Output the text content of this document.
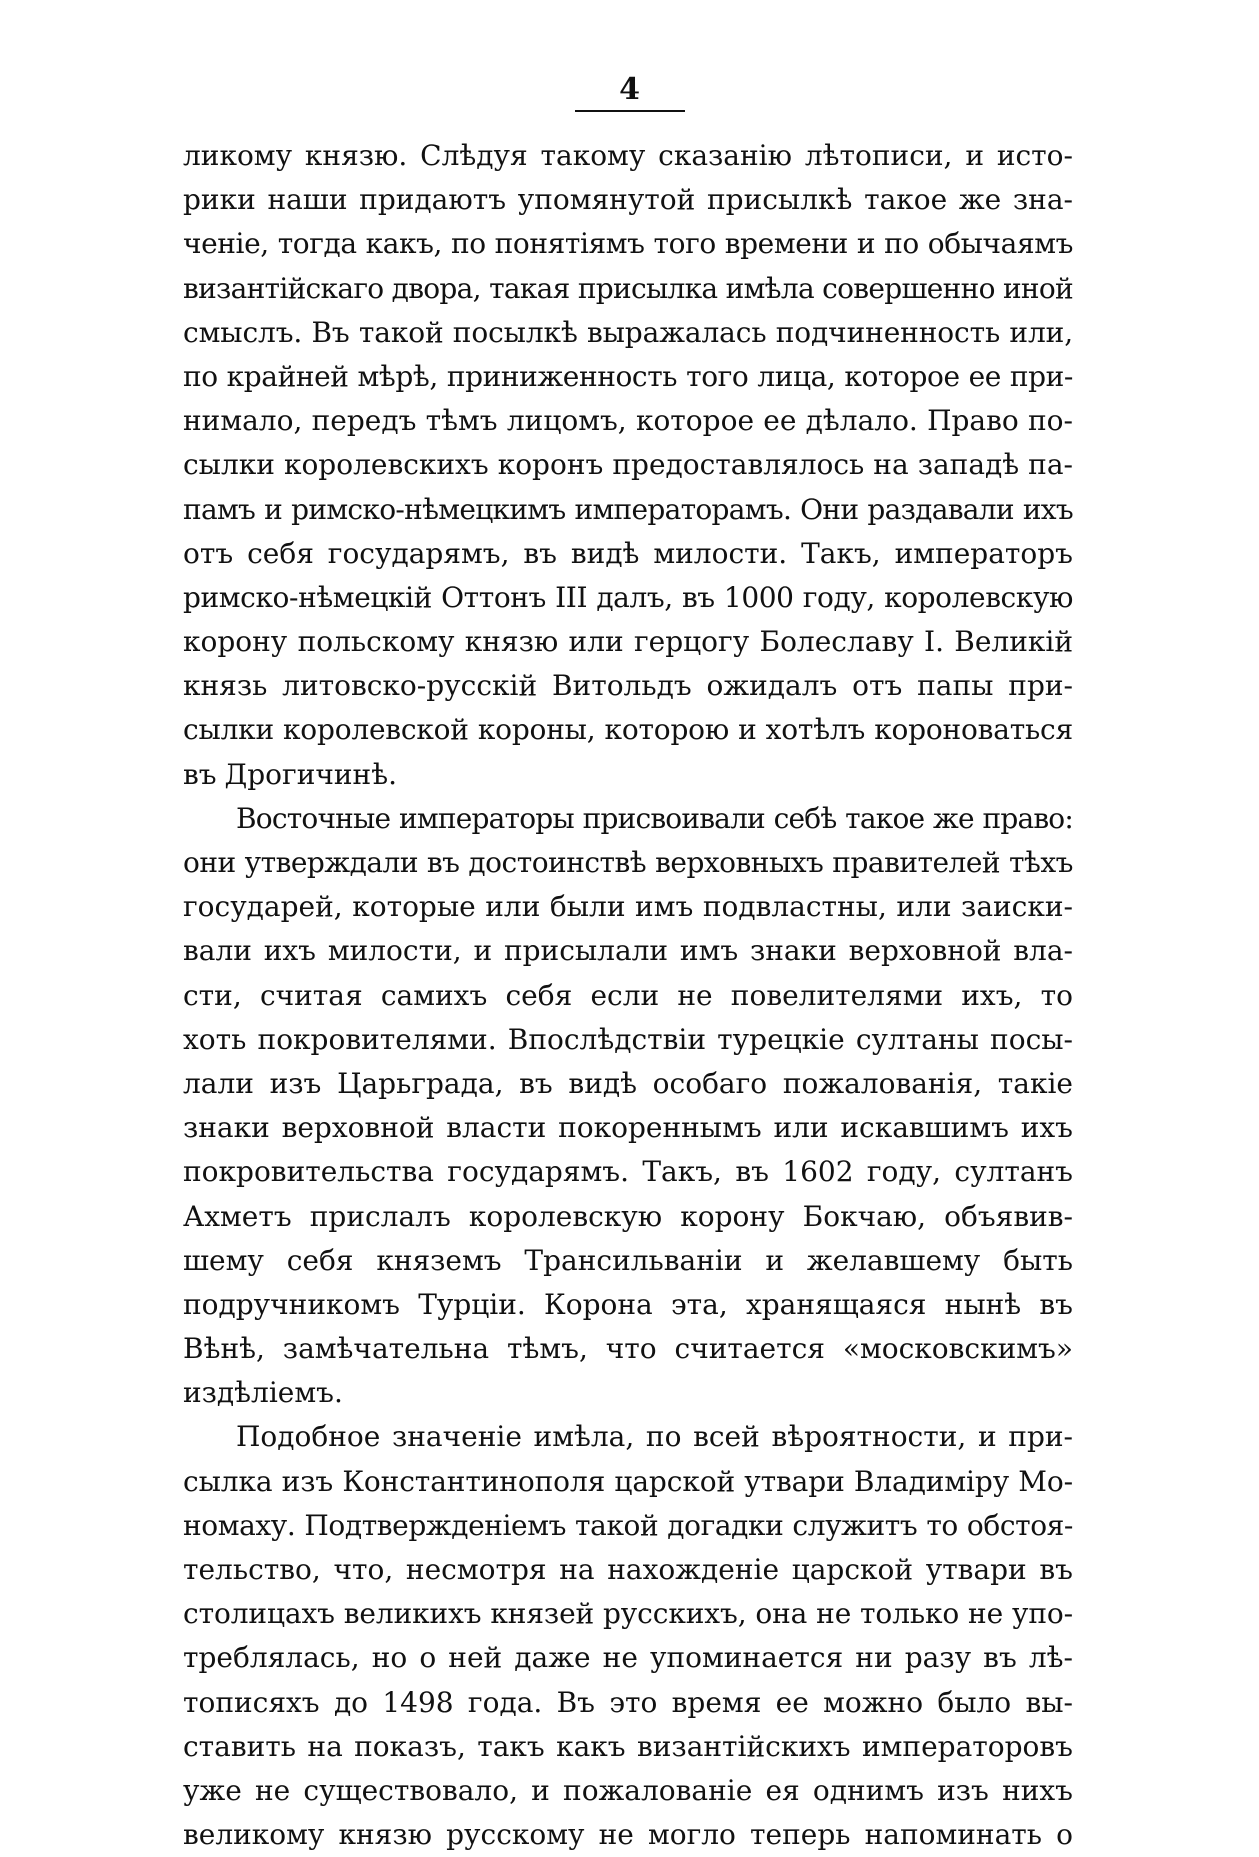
4
ликому князю. Слѣдуя такому сказанію лѣтописи, и исто-
рики наши придаютъ упомянутой присылкѣ такое же зна-
ченіе, тогда какъ, по понятіямъ того времени и по обычаямъ
византійскаго двора, такая присылка имѣла совершенно иной
смыслъ. Въ такой посылкѣ выражалась подчиненность или,
по крайней мѣрѣ, приниженность того лица, которое ее при-
нимало, передъ тѣмъ лицомъ, которое ее дѣлало. Право по-
сылки королевскихъ коронъ предоставлялось на западѣ па-
памъ и римско-нѣмецкимъ императорамъ. Они раздавали ихъ
отъ себя государямъ, въ видѣ милости. Такъ, императоръ
римско-нѣмецкій Оттонъ III далъ, въ 1000 году, королевскую
корону польскому князю или герцогу Болеславу I. Великій
князь литовско-русскій Витольдъ ожидалъ отъ папы при-
сылки королевской короны, которою и хотѣлъ короноваться
въ Дрогичинѣ.
Восточные императоры присвоивали себѣ такое же право:
они утверждали въ достоинствѣ верховныхъ правителей тѣхъ
государей, которые или были имъ подвластны, или заиски-
вали ихъ милости, и присылали имъ знаки верховной вла-
сти, считая самихъ себя если не повелителями ихъ, то
хоть покровителями. Впослѣдствіи турецкіе султаны посы-
лали изъ Царьграда, въ видѣ особаго пожалованія, такіе
знаки верховной власти покореннымъ или искавшимъ ихъ
покровительства государямъ. Такъ, въ 1602 году, султанъ
Ахметъ прислалъ королевскую корону Бокчаю, объявив-
шему себя княземъ Трансильваніи и желавшему быть
подручникомъ Турціи. Корона эта, хранящаяся нынѣ въ
Вѣнѣ, замѣчательна тѣмъ, что считается «московскимъ»
издѣліемъ.
Подобное значеніе имѣла, по всей вѣроятности, и при-
сылка изъ Константинополя царской утвари Владиміру Мо-
номаху. Подтвержденіемъ такой догадки служитъ то обстоя-
тельство, что, несмотря на нахожденіе царской утвари въ
столицахъ великихъ князей русскихъ, она не только не упо-
треблялась, но о ней даже не упоминается ни разу въ лѣ-
тописяхъ до 1498 года. Въ это время ее можно было вы-
ставить на показъ, такъ какъ византійскихъ императоровъ
уже не существовало, и пожалованіе ея однимъ изъ нихъ
великому князю русскому не могло теперь напоминать о
